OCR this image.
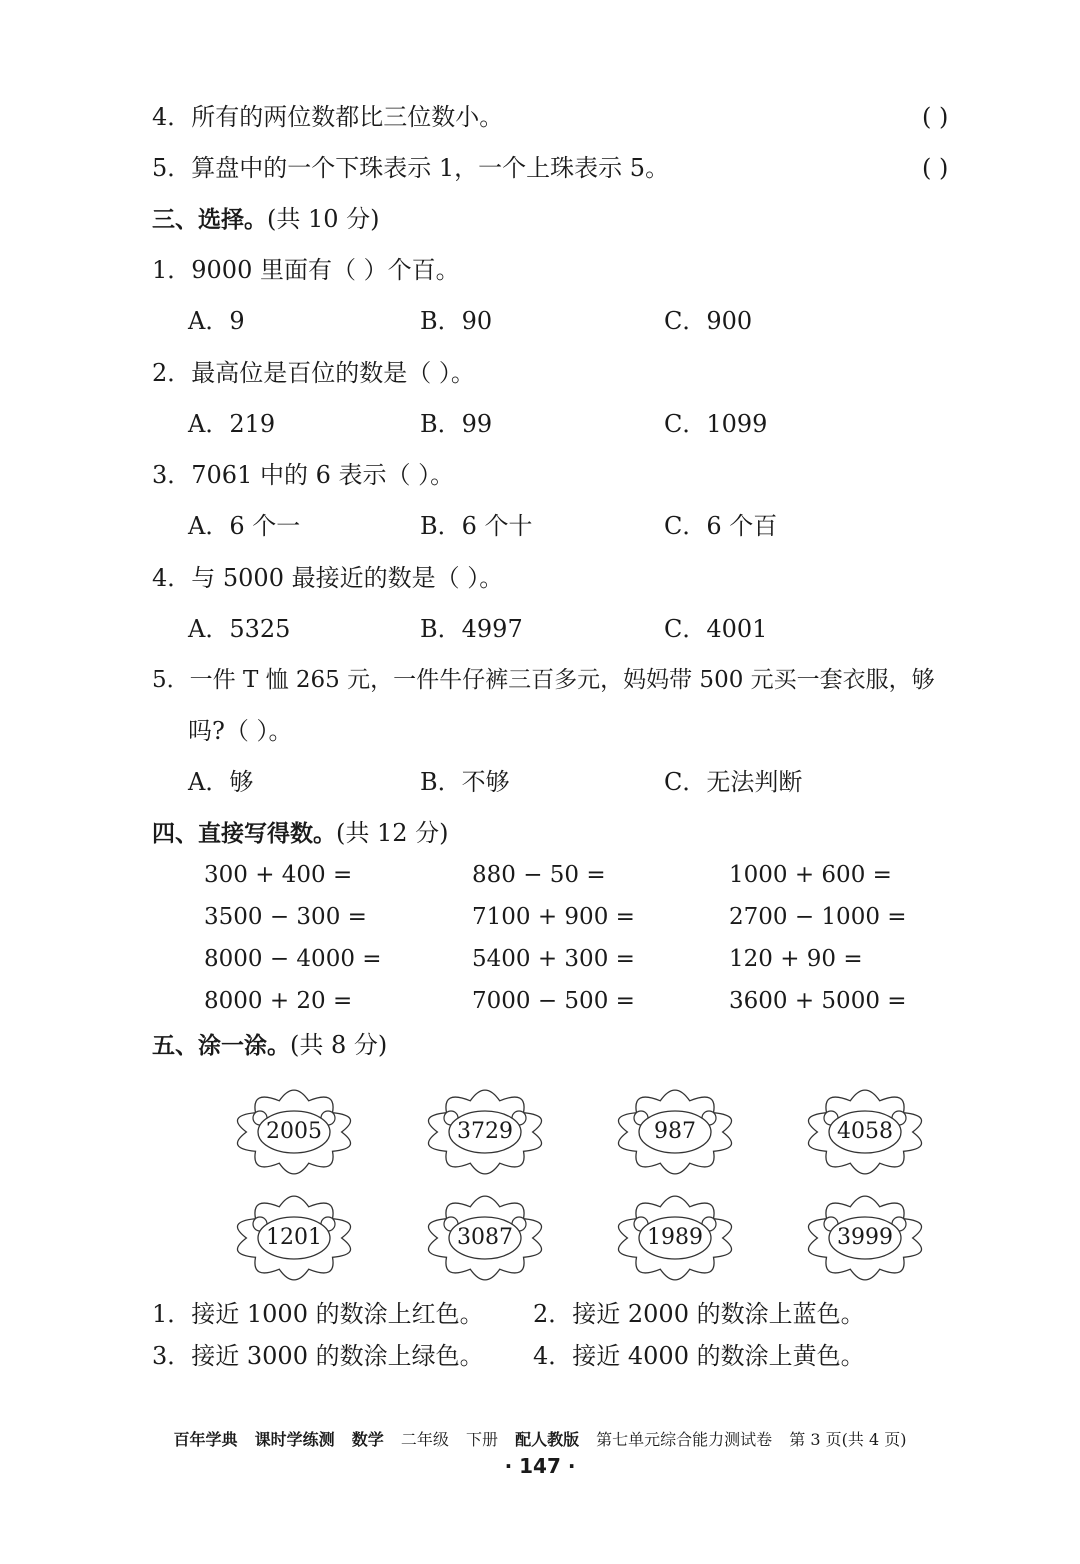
4．所有的两位数都比三位数小。	( )
5．算盘中的一个下珠表示 1，一个上珠表示 5。	( )
三、选择。(共 10 分)
1．9000 里面有（ ）个百。
A．9	B．90	C．900
2．最高位是百位的数是（ ）。
A．219	B．99	C．1099
3．7061 中的 6 表示（ ）。
A．6 个一	B．6 个十	C．6 个百
4．与 5000 最接近的数是（ ）。
A．5325	B．4997	C．4001
5．一件 T 恤 265 元，一件牛仔裤三百多元，妈妈带 500 元买一套衣服，够
吗?（ ）。
A．够	B．不够	C．无法判断
四、直接写得数。(共 12 分)
300 + 400 =	880 − 50 =	1000 + 600 =
3500 − 300 =	7100 + 900 =	2700 − 1000 =
8000 − 4000 =	5400 + 300 =	120 + 90 =
8000 + 20 =	7000 − 500 =	3600 + 5000 =
五、涂一涂。(共 8 分)
2005	3729	987	4058
1201	3087	1989	3999
1．接近 1000 的数涂上红色。 2．接近 2000 的数涂上蓝色。
3．接近 3000 的数涂上绿色。 4．接近 4000 的数涂上黄色。
百年学典 课时学练测 数学 二年级 下册 配人教版 第七单元综合能力测试卷 第 3 页(共 4 页)
· 147 ·
